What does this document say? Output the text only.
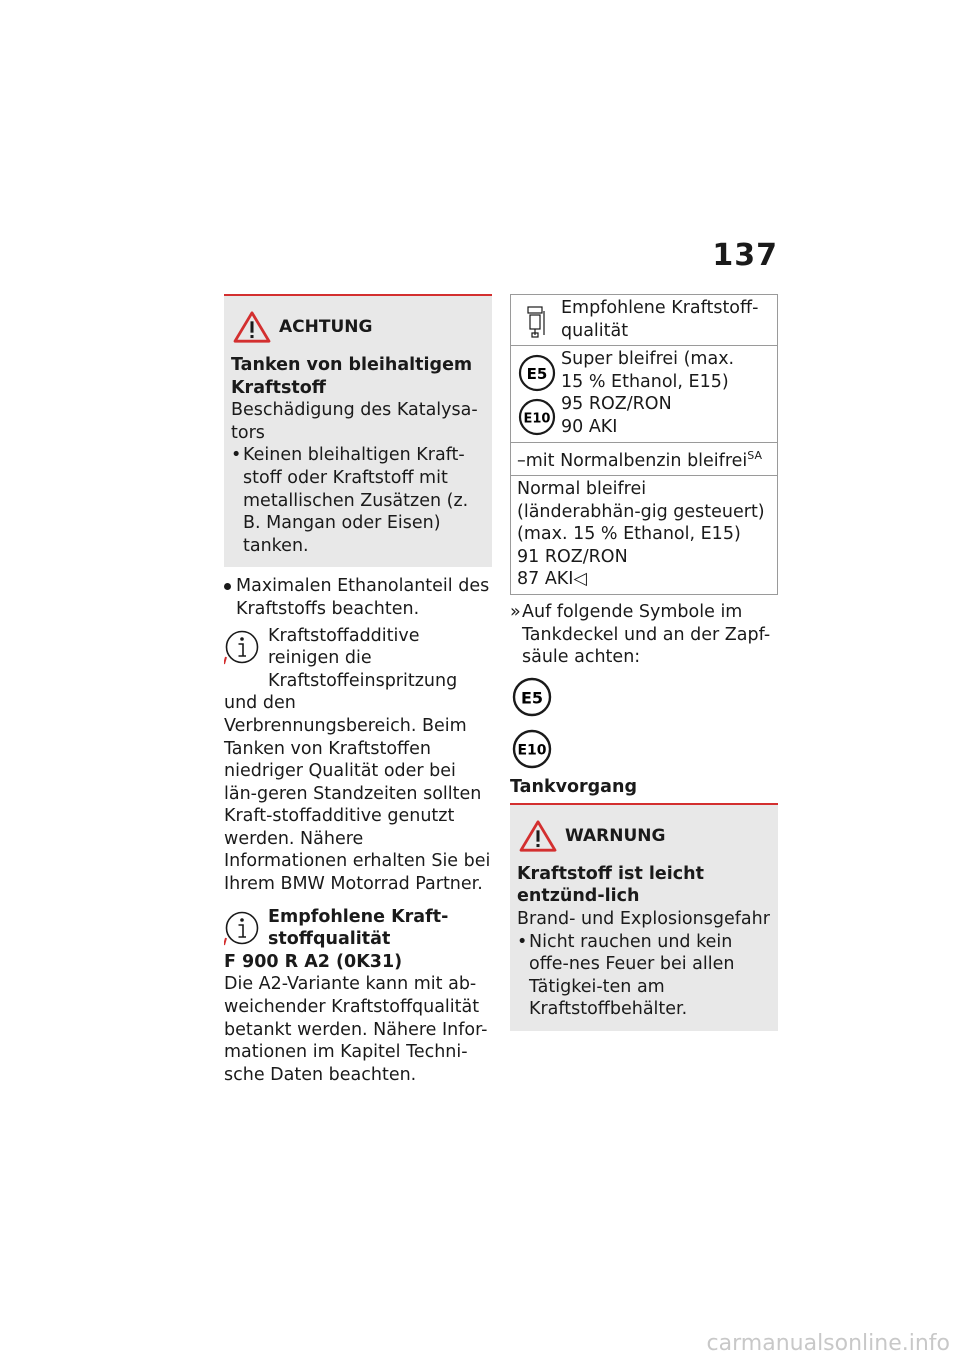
137
ACHTUNG
Tanken von bleihaltigem Kraftstoff
Beschädigung des Katalysa-tors
• Keinen bleihaltigen Kraft-stoff oder Kraftstoff mit metallischen Zusätzen (z. B. Mangan oder Eisen) tanken.
Maximalen Ethanolanteil des Kraftstoffs beachten.
Kraftstoffadditive reinigen die Kraftstoffeinspritzung
und den Verbrennungsbereich. Beim Tanken von Kraftstoffen niedriger Qualität oder bei län-geren Standzeiten sollten Kraft-stoffadditive genutzt werden. Nähere Informationen erhalten Sie bei Ihrem BMW Motorrad Partner.
Empfohlene Kraft-stoffqualität
F 900 R A2 (0K31)
Die A2-Variante kann mit ab-weichender Kraftstoffqualität betankt werden. Nähere Infor-mationen im Kapitel Techni-sche Daten beachten.
Empfohlene Kraftstoff-qualität

E5
E10
Super bleifrei (max.
15 % Ethanol, E15)
95 ROZ/RON
90 AKI

–mit Normalbenzin bleifrei$^{SA}$

Normal bleifrei (länderabhän-gig gesteuert) (max. 15 % Ethanol, E15)
91 ROZ/RON
87 AKI◁
» Auf folgende Symbole im Tankdeckel und an der Zapf-säule achten:
E5
E10
Tankvorgang
WARNUNG
Kraftstoff ist leicht entzünd-lich
Brand- und Explosionsgefahr
• Nicht rauchen und kein offe-nes Feuer bei allen Tätigkei-ten am Kraftstoffbehälter.
carmanualsonline.info
